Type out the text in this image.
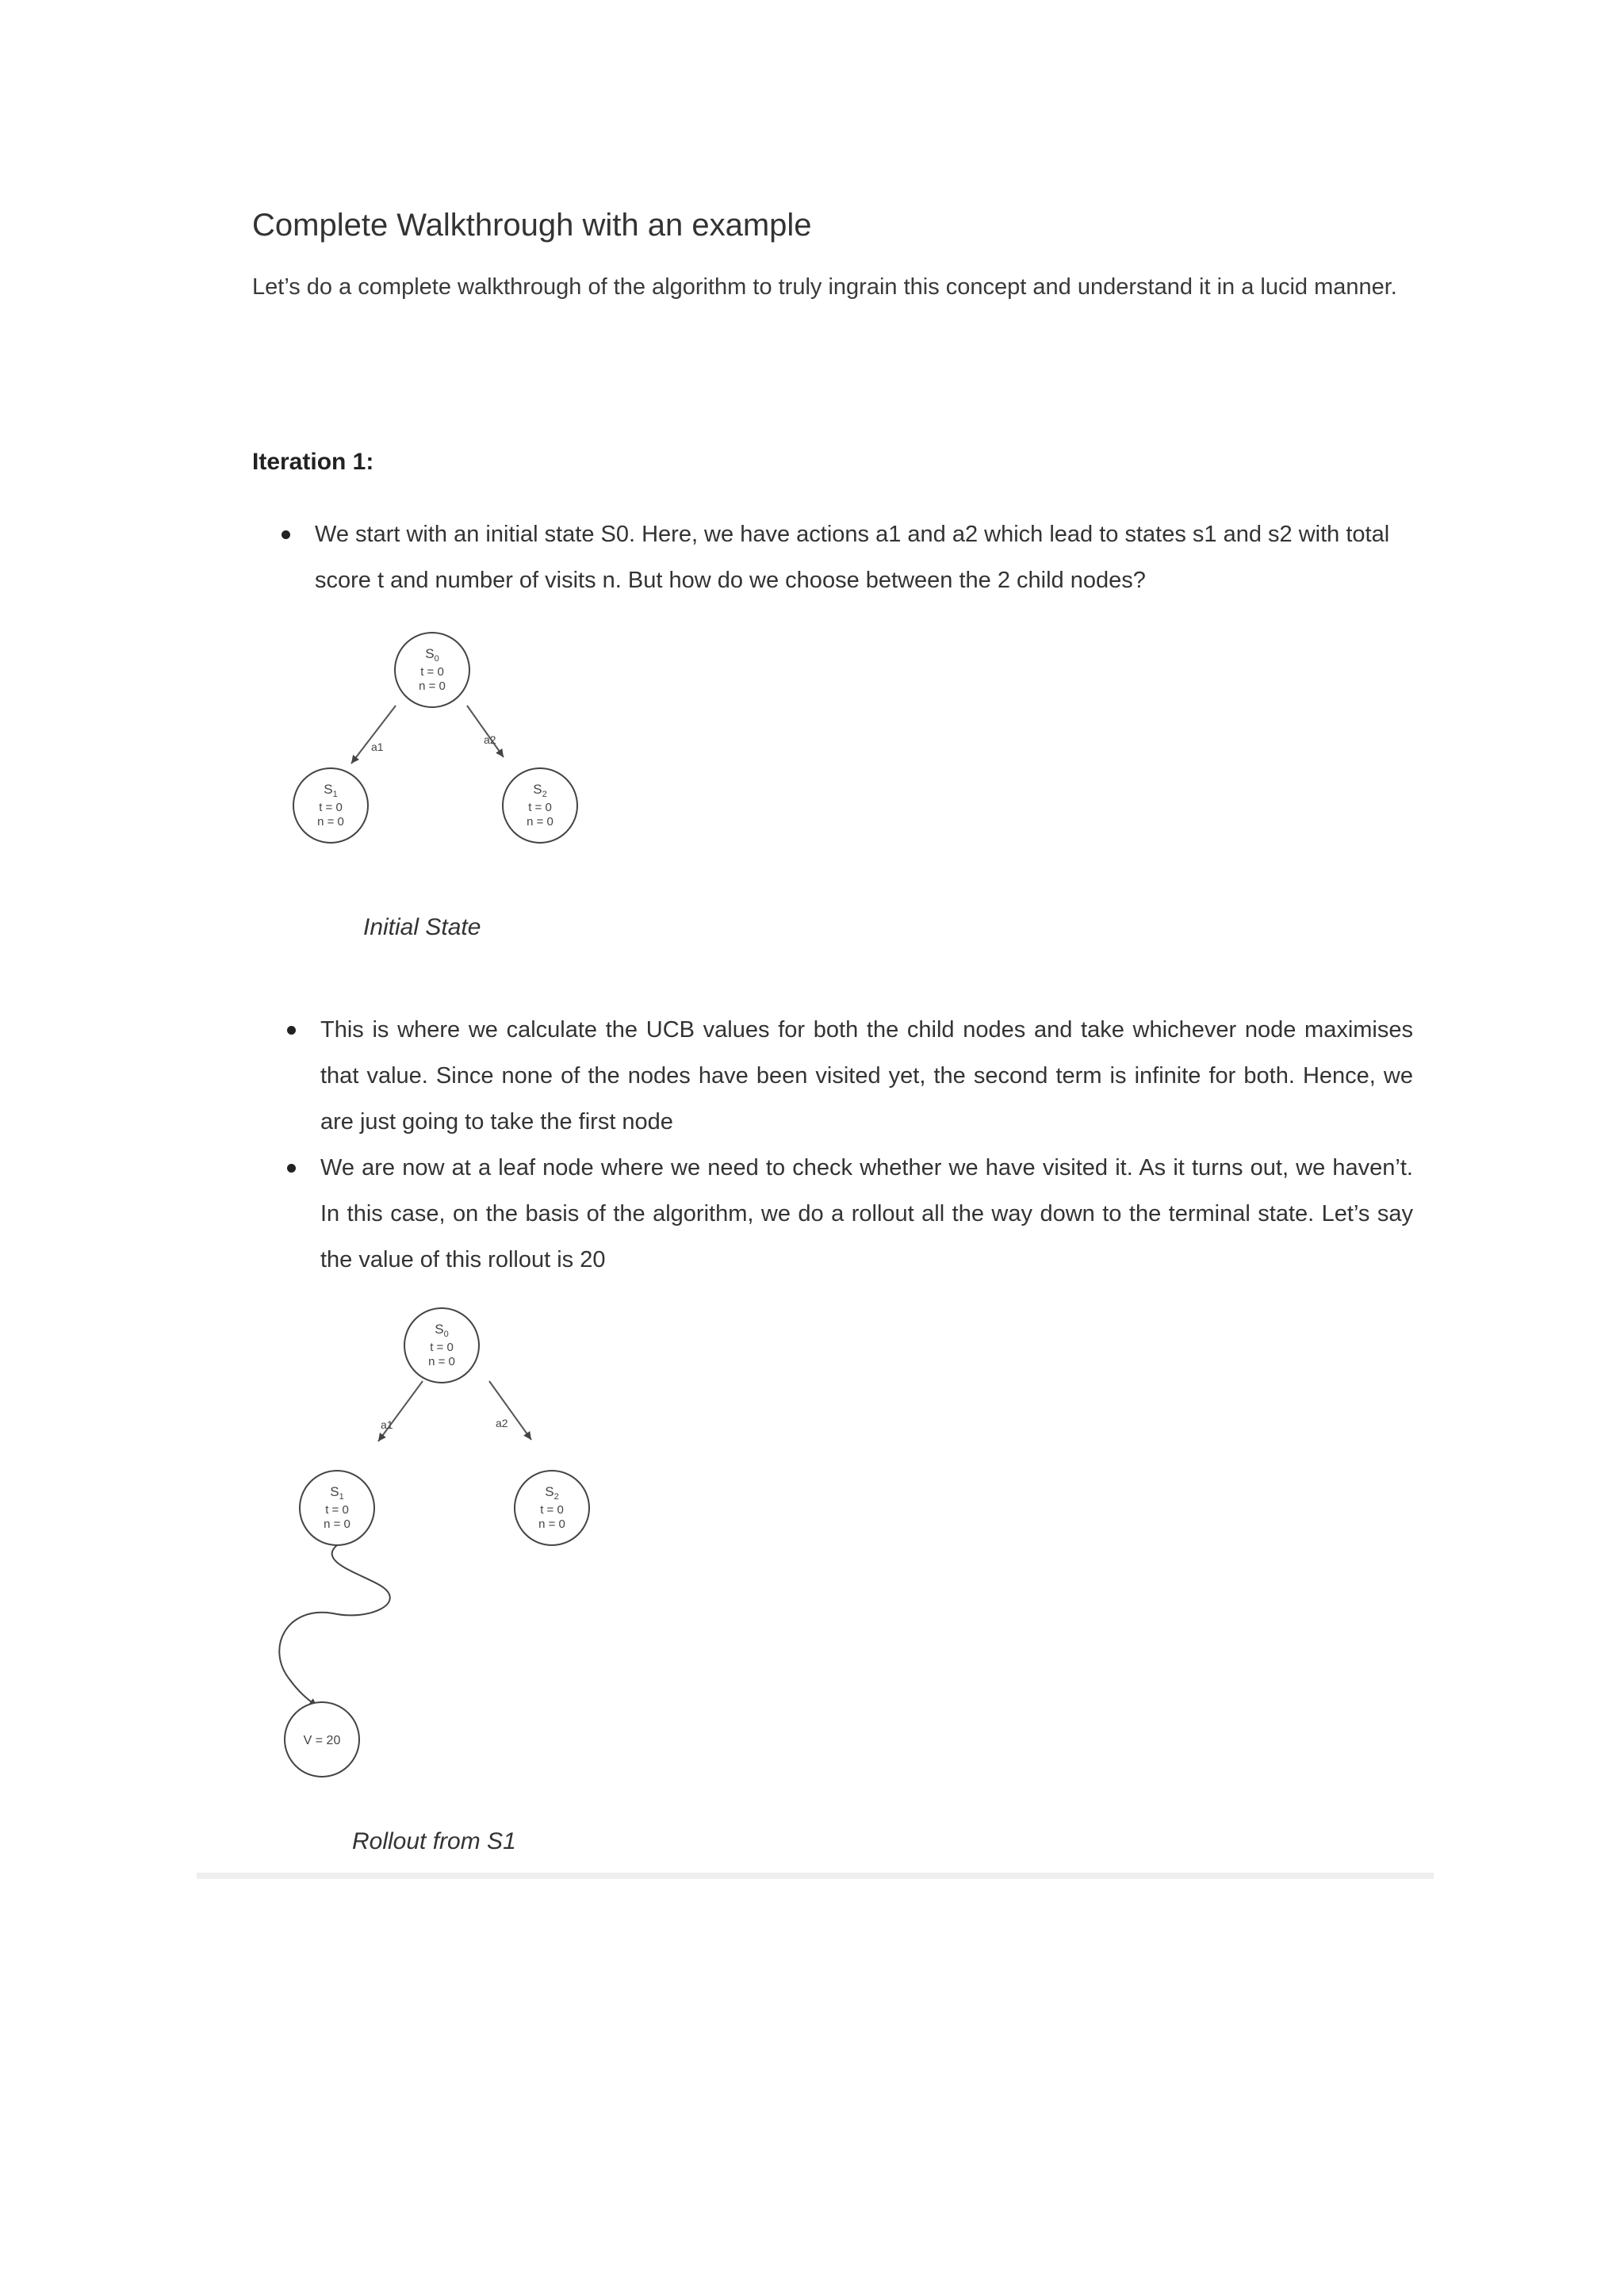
Complete Walkthrough with an example

Let’s do a complete walkthrough of the algorithm to truly ingrain this concept and understand it in a lucid manner.

Iteration 1:
We start with an initial state S0. Here, we have actions a1 and a2 which lead to states s1 and s2 with total score t and number of visits n. But how do we choose between the 2 child nodes?
a1
a2
$S_0$
t = 0
n = 0
$S_1$
t = 0
n = 0
$S_2$
t = 0
n = 0

Initial State

This is where we calculate the UCB values for both the child nodes and take whichever node maximises that value. Since none of the nodes have been visited yet, the second term is infinite for both. Hence, we are just going to take the first node
We are now at a leaf node where we need to check whether we have visited it. As it turns out, we haven’t. In this case, on the basis of the algorithm, we do a rollout all the way down to the terminal state. Let’s say the value of this rollout is 20
a1	a2
$S_0$
t = 0
n = 0
$S_1$
t = 0
n = 0
$S_2$
t = 0
n = 0
V = 20

Rollout from S1
